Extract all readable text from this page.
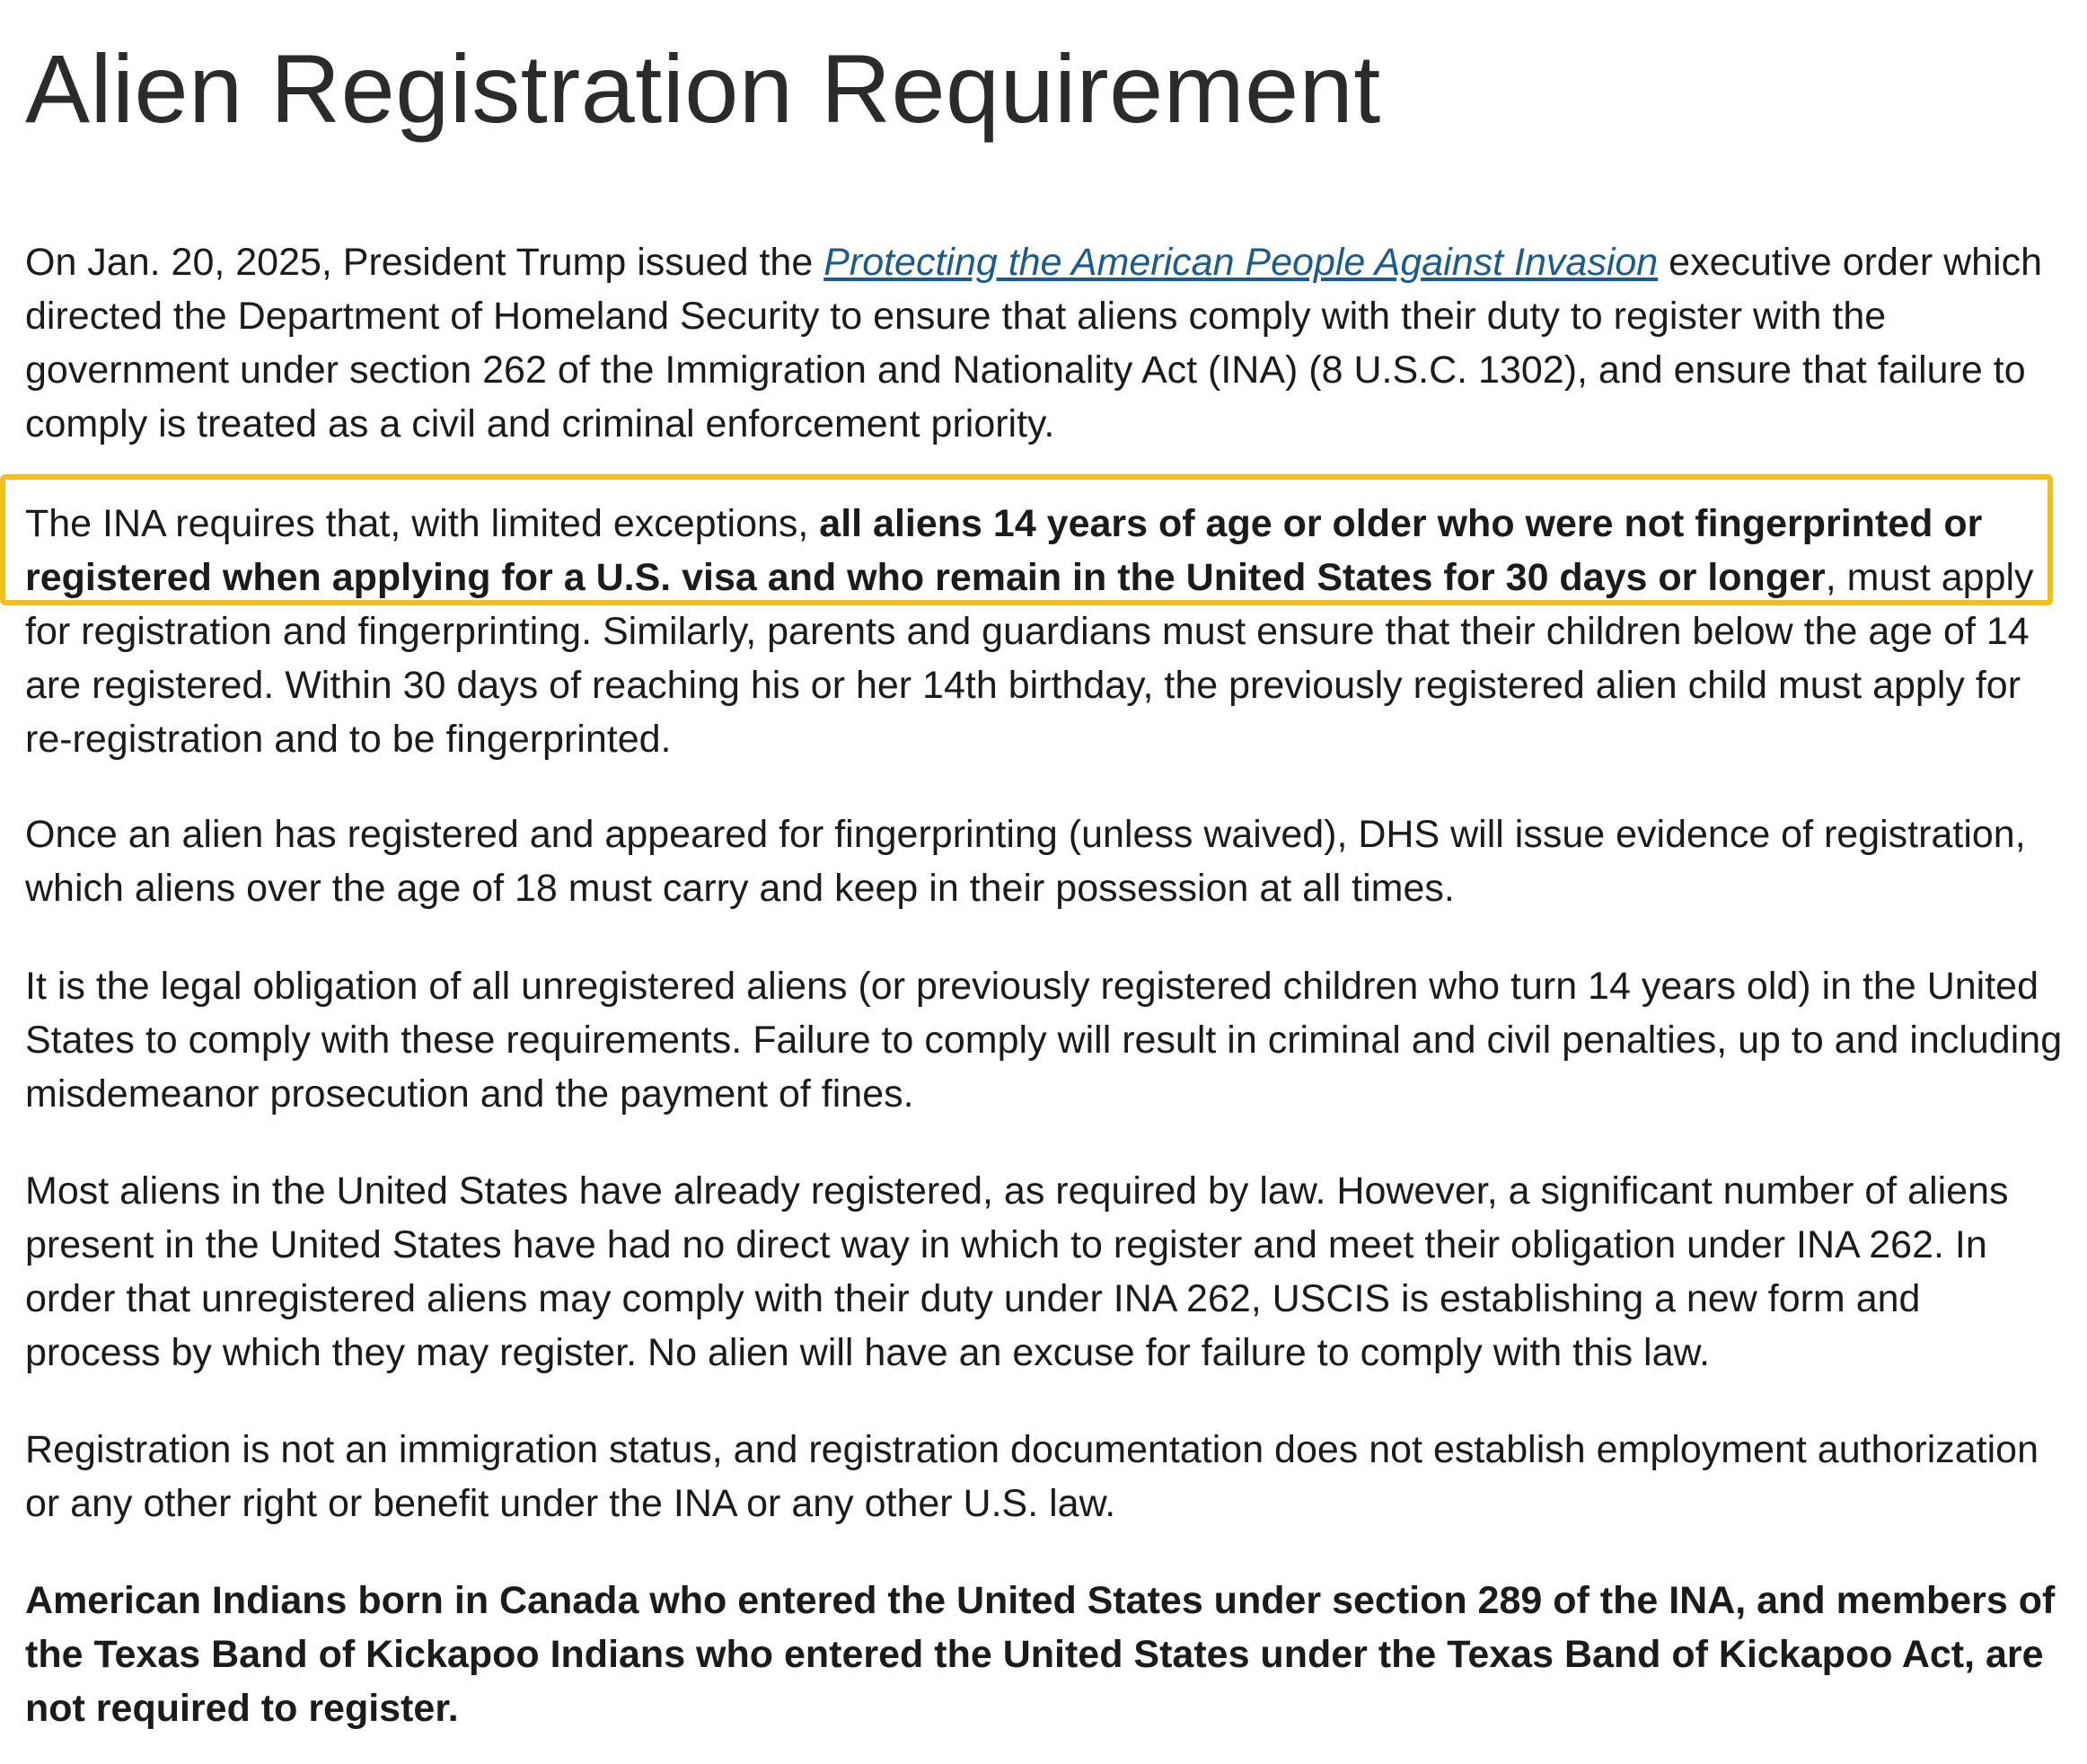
Alien Registration Requirement

On Jan. 20, 2025, President Trump issued the Protecting the American People Against Invasion executive order which directed the Department of Homeland Security to ensure that aliens comply with their duty to register with the government under section 262 of the Immigration and Nationality Act (INA) (8 U.S.C. 1302), and ensure that failure to comply is treated as a civil and criminal enforcement priority.

The INA requires that, with limited exceptions, all aliens 14 years of age or older who were not fingerprinted or registered when applying for a U.S. visa and who remain in the United States for 30 days or longer, must apply for registration and fingerprinting. Similarly, parents and guardians must ensure that their children below the age of 14 are registered. Within 30 days of reaching his or her 14th birthday, the previously registered alien child must apply for re-registration and to be fingerprinted.

Once an alien has registered and appeared for fingerprinting (unless waived), DHS will issue evidence of registration, which aliens over the age of 18 must carry and keep in their possession at all times.

It is the legal obligation of all unregistered aliens (or previously registered children who turn 14 years old) in the United States to comply with these requirements. Failure to comply will result in criminal and civil penalties, up to and including misdemeanor prosecution and the payment of fines.

Most aliens in the United States have already registered, as required by law. However, a significant number of aliens present in the United States have had no direct way in which to register and meet their obligation under INA 262. In order that unregistered aliens may comply with their duty under INA 262, USCIS is establishing a new form and process by which they may register. No alien will have an excuse for failure to comply with this law.

Registration is not an immigration status, and registration documentation does not establish employment authorization or any other right or benefit under the INA or any other U.S. law.

American Indians born in Canada who entered the United States under section 289 of the INA, and members of the Texas Band of Kickapoo Indians who entered the United States under the Texas Band of Kickapoo Act, are not required to register.
